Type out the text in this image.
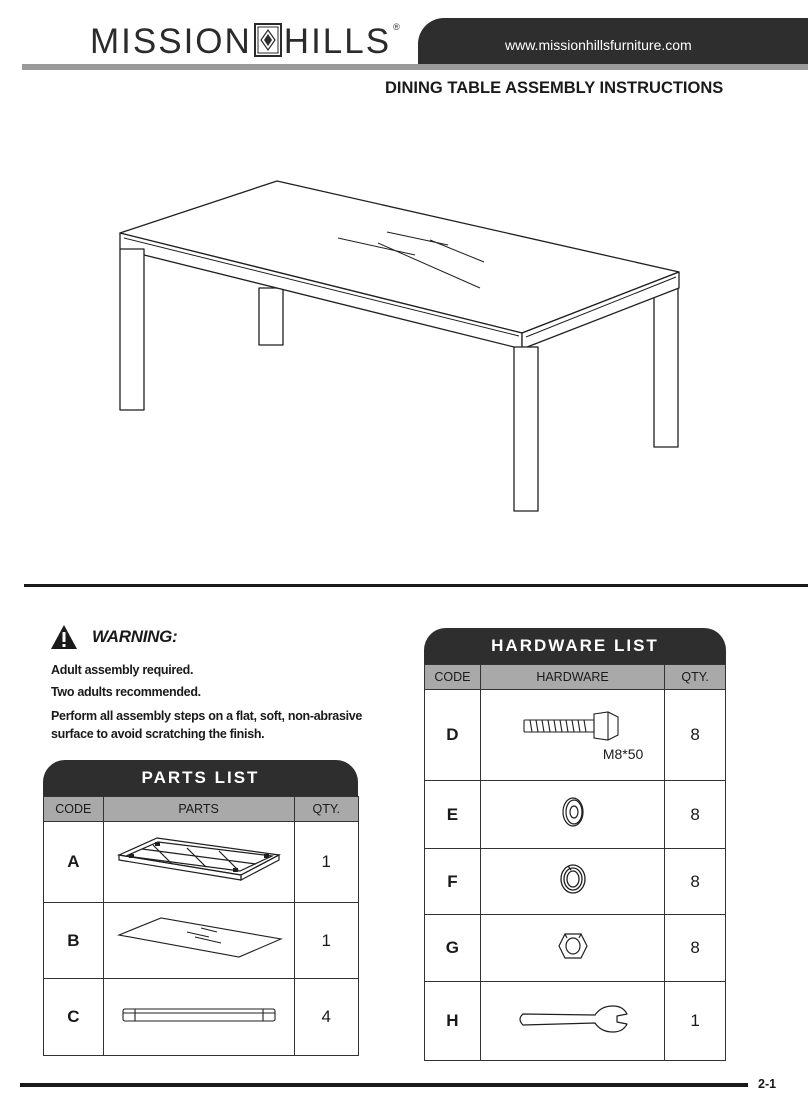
MISSION HILLS ®
www.missionhillsfurniture.com
DINING TABLE ASSEMBLY INSTRUCTIONS
WARNING:
Adult assembly required.
Two adults recommended.
Perform all assembly steps on a flat, soft, non-abrasive
surface to avoid scratching the finish.
PARTS LIST
CODE	PARTS	QTY.
A		1
B		1
C		4
HARDWARE LIST
CODE	HARDWARE	QTY.
D	M8*50	8
E		8
F		8
G		8
H		1
2-1
